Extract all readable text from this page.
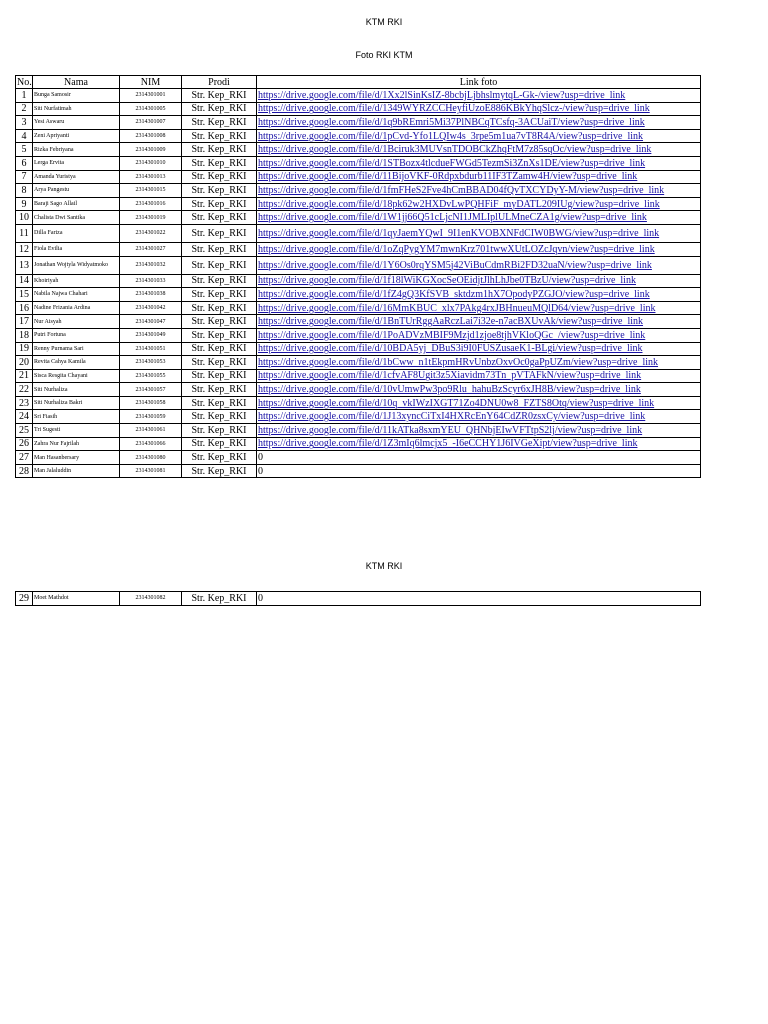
KTM RKI
Foto RKI KTM
No.	Nama	NIM	Prodi	Link foto
1	Bunga Samosir	2314301001	Str. Kep_RKI	https://drive.google.com/file/d/1Xx2lSinKsIZ-8bcbjLjbhslmytqL-Gk-/view?usp=drive_link
2	Siti Nurfatimah	2314301005	Str. Kep_RKI	https://drive.google.com/file/d/1349WYRZCCHeyfiUzoE886KBkYhqSlcz-/view?usp=drive_link
3	Yesi Aswaru	2314301007	Str. Kep_RKI	https://drive.google.com/file/d/1q9bREmri5Mi37PlNBCqTCsfq-3ACUaiT/view?usp=drive_link
4	Zeni Apriyanti	2314301008	Str. Kep_RKI	https://drive.google.com/file/d/1pCvd-Yfo1LQIw4s_3rpe5m1ua7vT8R4A/view?usp=drive_link
5	Rizka Febriyana	2314301009	Str. Kep_RKI	https://drive.google.com/file/d/1Bciruk3MUVsnTDOBCkZhqFtM7z85sqOc/view?usp=drive_link
6	Lerga Ervita	2314301010	Str. Kep_RKI	https://drive.google.com/file/d/1STBozx4tlcdueFWGd5TezmSi3ZnXs1DE/view?usp=drive_link
7	Amanda Yuristya	2314301013	Str. Kep_RKI	https://drive.google.com/file/d/11BijoVKF-0Rdpxbdurb11IF3TZamw4H/view?usp=drive_link
8	Arya Pangestu	2314301015	Str. Kep_RKI	https://drive.google.com/file/d/1fmFHeS2Fve4hCmBBAD04fQvTXCYDyY-M/view?usp=drive_link
9	Baraji Sago Allail	2314301016	Str. Kep_RKI	https://drive.google.com/file/d/18pk62w2HXDvLwPQHFiF_myDATL209IUg/view?usp=drive_link
10	Chalista Dwi Santika	2314301019	Str. Kep_RKI	https://drive.google.com/file/d/1W1jj66Q51cLjcNI1JMLIplULMneCZA1g/view?usp=drive_link
11	Dilla Fariza	2314301022	Str. Kep_RKI	https://drive.google.com/file/d/1qyJaemYQwI_9I1enKVOBXNFdCIW0BWG/view?usp=drive_link
12	Fiola Evilia	2314301027	Str. Kep_RKI	https://drive.google.com/file/d/1oZqPygYM7mwnKrz701twwXUtLOZcJqvn/view?usp=drive_link
13	Jonathan Wojtyla Widyatmoko	2314301032	Str. Kep_RKI	https://drive.google.com/file/d/1Y6Os0rqYSM5j42ViBuCdmRBi2FD32uaN/view?usp=drive_link
14	Khoiriyah	2314301033	Str. Kep_RKI	https://drive.google.com/file/d/1f18lWiKGXocSeOEidjtJlhLhJbe0TBzU/view?usp=drive_link
15	Nabila Najwa Chahari	2314301038	Str. Kep_RKI	https://drive.google.com/file/d/1fZ4gQ3KfSVB_sktdzm1hX7OpodyPZGJO/view?usp=drive_link
16	Nadine Frizania Ardina	2314301042	Str. Kep_RKI	https://drive.google.com/file/d/16MmKBUC_xlx7PAkg4rxJBHnueuMQlD64/view?usp=drive_link
17	Nur Aisyah	2314301047	Str. Kep_RKI	https://drive.google.com/file/d/1BnTUrRggAaRczLai7i32e-n7acBXUvAk/view?usp=drive_link
18	Putri Fortuna	2314301049	Str. Kep_RKI	https://drive.google.com/file/d/1PoADVzMBIF9Mzjd1zjoe8tjhVKloQGc_/view?usp=drive_link
19	Renny Purnama Sari	2314301051	Str. Kep_RKI	https://drive.google.com/file/d/10BDA5yj_DBuS3i9I0FUSZusaeK1-BLgi/view?usp=drive_link
20	Revita Cahya Kamila	2314301053	Str. Kep_RKI	https://drive.google.com/file/d/1bCww_n1tEkpmHRvUnbzOxvOc0gaPpUZm/view?usp=drive_link
21	Sisca Resgita Chayani	2314301055	Str. Kep_RKI	https://drive.google.com/file/d/1cfvAF8Ugit3z5Xiavidm73Tn_pVTAFkN/view?usp=drive_link
22	Siti Nurhaliza	2314301057	Str. Kep_RKI	https://drive.google.com/file/d/10vUmwPw3po9Rlu_hahuBzScyr6xJH8B/view?usp=drive_link
23	Siti Nurhaliza Bakri	2314301058	Str. Kep_RKI	https://drive.google.com/file/d/10q_vkIWzIXGT71Zo4DNU0w8_FZTS8Otq/view?usp=drive_link
24	Sri Fiasih	2314301059	Str. Kep_RKI	https://drive.google.com/file/d/1J13xyncCiTxI4HXRcEnY64CdZR0zsxCy/view?usp=drive_link
25	Tri Sugesti	2314301061	Str. Kep_RKI	https://drive.google.com/file/d/11kATka8sxmYEU_QHNbjEIwVFTtpS2lj/view?usp=drive_link
26	Zahra Nur Fajrilah	2314301066	Str. Kep_RKI	https://drive.google.com/file/d/1Z3mIq6lmcjx5_-I6eCCHY1J6IVGeXipt/view?usp=drive_link
27	Man Hasanbersary	2314301080	Str. Kep_RKI	0
28	Man Jalaluddin	2314301081	Str. Kep_RKI	0
KTM RKI
29	Moet Mathdot	2314301082	Str. Kep_RKI	0
